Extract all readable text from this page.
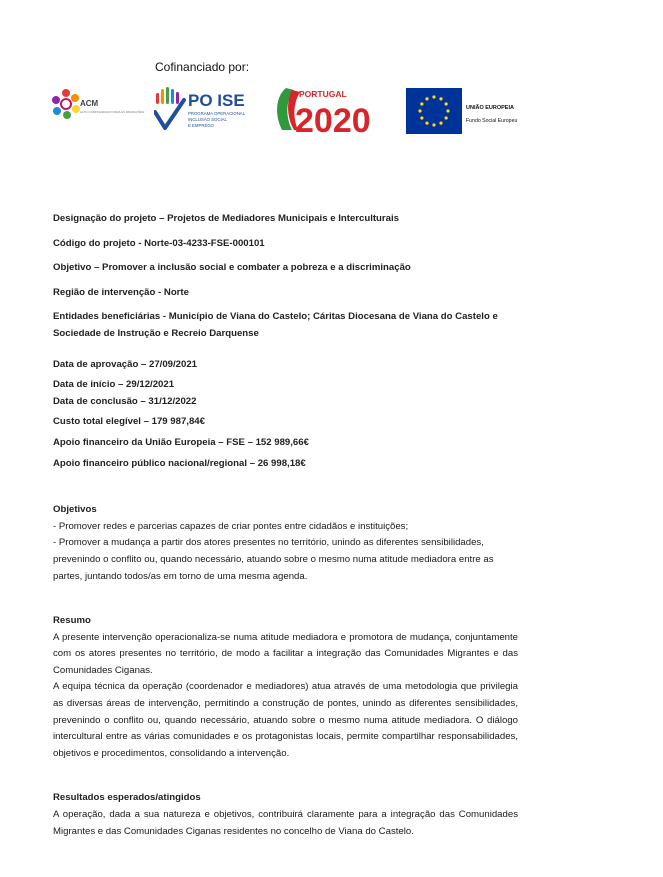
Cofinanciado por:
ACM
ALTO COMISSARIADO PARA AS MIGRAÇÕES
PO ISE
PROGRAMA OPERACIONAL
INCLUSÃO SOCIAL
E EMPREGO
PORTUGAL
2020	UNIÃO EUROPEIA
Fundo Social Europeu

Designação do projeto – Projetos de Mediadores Municipais e Interculturais

Código do projeto - Norte-03-4233-FSE-000101

Objetivo – Promover a inclusão social e combater a pobreza e a discriminação

Região de intervenção - Norte

Entidades beneficiárias - Município de Viana do Castelo; Cáritas Diocesana de Viana do Castelo e Sociedade de Instrução e Recreio Darquense

Data de aprovação – 27/09/2021

Data de início – 29/12/2021

Data de conclusão – 31/12/2022

Custo total elegível – 179 987,84€

Apoio financeiro da União Europeia – FSE – 152 989,66€

Apoio financeiro público nacional/regional – 26 998,18€

Objetivos

- Promover redes e parcerias capazes de criar pontes entre cidadãos e instituições;

- Promover a mudança a partir dos atores presentes no território, unindo as diferentes sensibilidades, prevenindo o conflito ou, quando necessário, atuando sobre o mesmo numa atitude mediadora entre as partes, juntando todos/as em torno de uma mesma agenda.

Resumo

A presente intervenção operacionaliza-se numa atitude mediadora e promotora de mudança, conjuntamente com os atores presentes no território, de modo a facilitar a integração das Comunidades Migrantes e das Comunidades Ciganas.

A equipa técnica da operação (coordenador e mediadores) atua através de uma metodologia que privilegia as diversas áreas de intervenção, permitindo a construção de pontes, unindo as diferentes sensibilidades, prevenindo o conflito ou, quando necessário, atuando sobre o mesmo numa atitude mediadora. O diálogo intercultural entre as várias comunidades e os protagonistas locais, permite compartilhar responsabilidades, objetivos e procedimentos, consolidando a intervenção.

Resultados esperados/atingidos

A operação, dada a sua natureza e objetivos, contribuirá claramente para a integração das Comunidades Migrantes e das Comunidades Ciganas residentes no concelho de Viana do Castelo.
